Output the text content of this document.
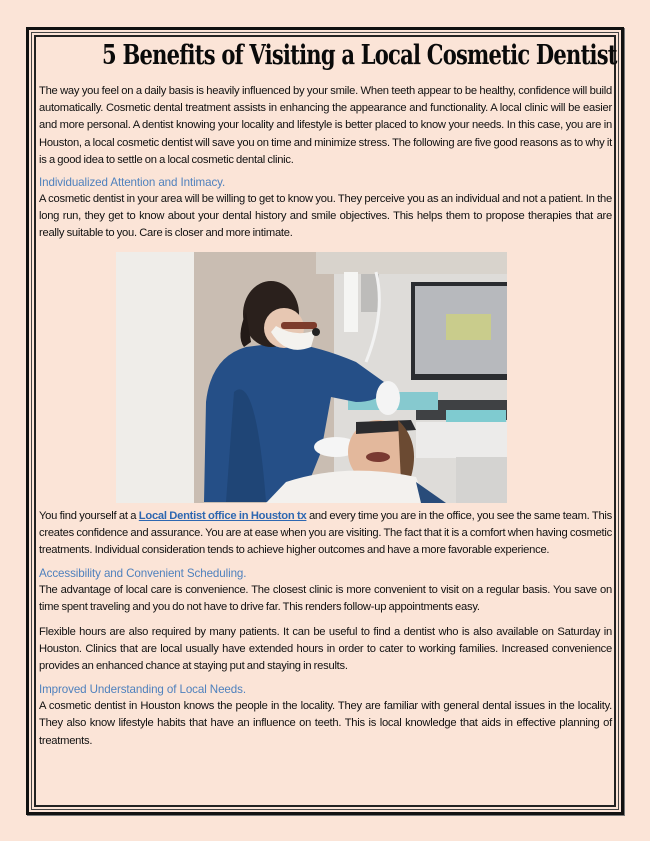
5 Benefits of Visiting a Local Cosmetic Dentist

The way you feel on a daily basis is heavily influenced by your smile. When teeth appear to be healthy, confidence will build automatically. Cosmetic dental treatment assists in enhancing the appearance and functionality. A local clinic will be easier and more personal. A dentist knowing your locality and lifestyle is better placed to know your needs. In this case, you are in Houston, a local cosmetic dentist will save you on time and minimize stress. The following are five good reasons as to why it is a good idea to settle on a local cosmetic dental clinic.

Individualized Attention and Intimacy.

A cosmetic dentist in your area will be willing to get to know you. They perceive you as an individual and not a patient. In the long run, they get to know about your dental history and smile objectives. This helps them to propose therapies that are really suitable to you. Care is closer and more intimate.

You find yourself at a Local Dentist office in Houston tx and every time you are in the office, you see the same team. This creates confidence and assurance. You are at ease when you are visiting. The fact that it is a comfort when having cosmetic treatments. Individual consideration tends to achieve higher outcomes and have a more favorable experience.

Accessibility and Convenient Scheduling.

The advantage of local care is convenience. The closest clinic is more convenient to visit on a regular basis. You save on time spent traveling and you do not have to drive far. This renders follow-up appointments easy.

Flexible hours are also required by many patients. It can be useful to find a dentist who is also available on Saturday in Houston. Clinics that are local usually have extended hours in order to cater to working families. Increased convenience provides an enhanced chance at staying put and staying in results.

Improved Understanding of Local Needs.

A cosmetic dentist in Houston knows the people in the locality. They are familiar with general dental issues in the locality. They also know lifestyle habits that have an influence on teeth. This is local knowledge that aids in effective planning of treatments.
